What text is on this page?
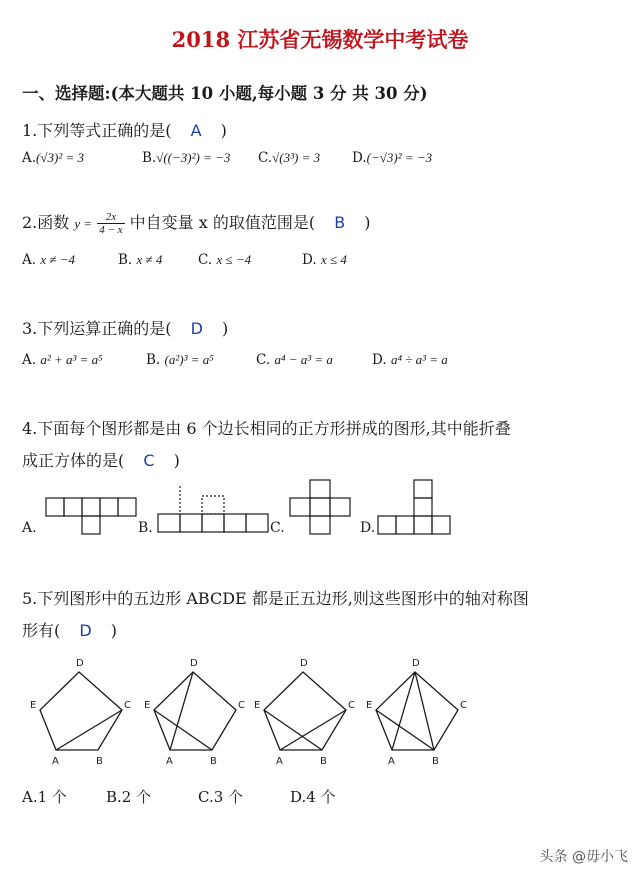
2018 江苏省无锡数学中考试卷
一、选择题:(本大题共 10 小题,每小题 3 分 共 30 分)
1.下列等式正确的是( A )
A.(√3)² = 3	B.√((−3)²) = −3 C.√(3³) = 3 D.(−√3)² = −3
2.函数 $y = \frac{2x}{4 - x}$ 中自变量 x 的取值范围是( B )
A. x ≠ −4	B. x ≠ 4	C. x ≤ −4	D. x ≤ 4
3.下列运算正确的是( D )
A. a² + a³ = a⁵	B. (a²)³ = a⁵	C. a⁴ − a³ = a	D. a⁴ ÷ a³ = a
4.下面每个图形都是由 6 个边长相同的正方形拼成的图形,其中能折叠
成正方体的是( C )
A.	B.	C.	D.
5.下列图形中的五边形 ABCDE 都是正五边形,则这些图形中的轴对称图
形有( D )
D
E	C
A	B
D
E	C
A	B
D
E	C
A	B
D
E	C
A	B
A.1 个	B.2 个	C.3 个	D.4 个
头条 @毋小飞
